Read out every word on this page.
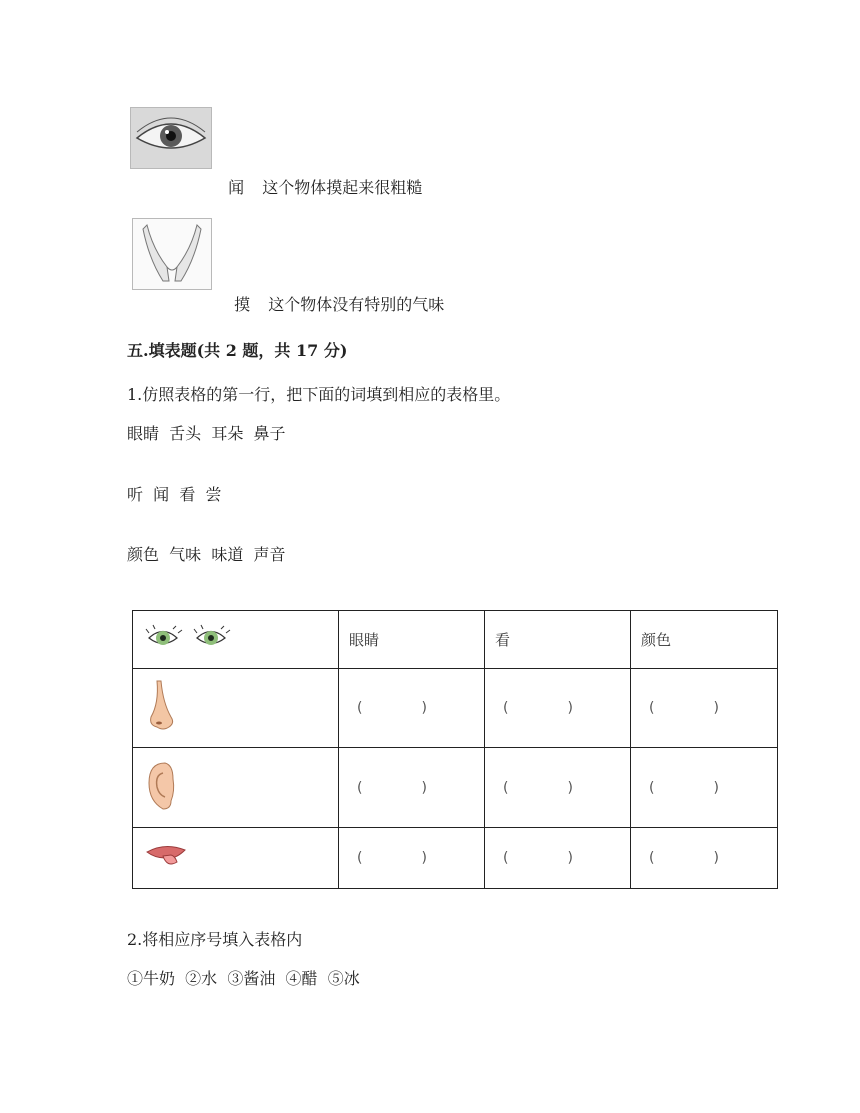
闻 这个物体摸起来很粗糙

摸 这个物体没有特别的气味

五.填表题(共 2 题，共 17 分)
1.仿照表格的第一行，把下面的词填到相应的表格里。
眼睛  舌头  耳朵  鼻子
听  闻  看  尝
颜色  气味  味道  声音
	眼睛	看	颜色

( )	( )	( )

( )	( )	( )

( )	( )	( )
2.将相应序号填入表格内
①牛奶  ②水  ③酱油  ④醋  ⑤冰
